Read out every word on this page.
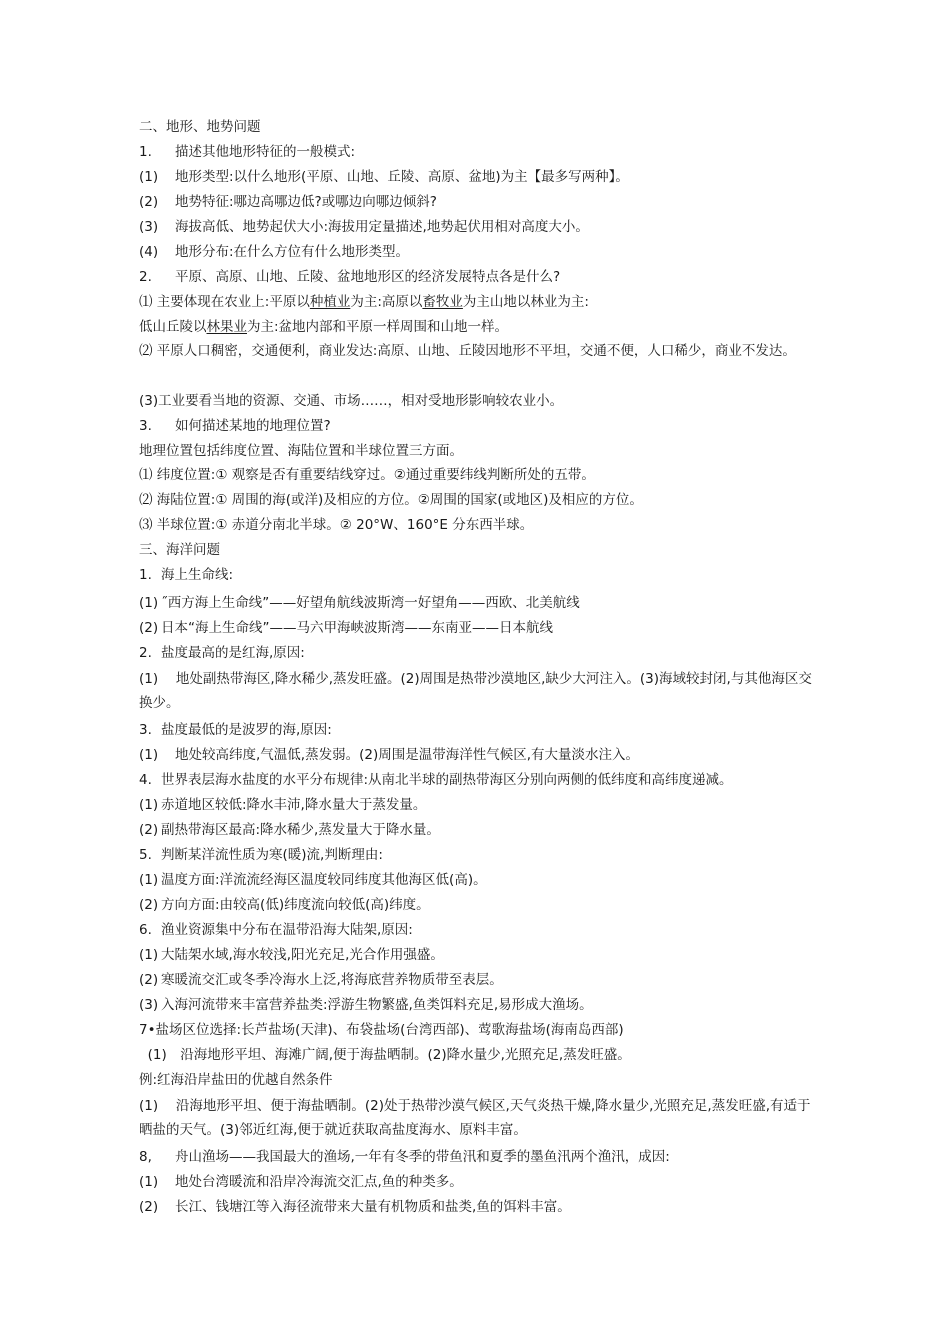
二、地形、地势问题
1. 描述其他地形特征的一般模式:
(1) 地形类型:以什么地形(平原、山地、丘陵、高原、盆地)为主【最多写两种】。
(2) 地势特征:哪边高哪边低?或哪边向哪边倾斜?
(3) 海拔高低、地势起伏大小:海拔用定量描述,地势起伏用相对高度大小。
(4) 地形分布:在什么方位有什么地形类型。
2. 平原、高原、山地、丘陵、盆地地形区的经济发展特点各是什么?
⑴ 主要体现在农业上:平原以种植业为主:高原以畜牧业为主山地以林业为主:
低山丘陵以林果业为主:盆地内部和平原一样周围和山地一样。
⑵ 平原人口稠密，交通便利，商业发达:高原、山地、丘陵因地形不平坦，交通不便，人口稀少，商业不发达。
(3)工业要看当地的资源、交通、市场……，相对受地形影响较农业小。
3. 如何描述某地的地理位置?
地理位置包括纬度位置、海陆位置和半球位置三方面。
⑴ 纬度位置:① 观察是否有重要结线穿过。②通过重要纬线判断所处的五带。
⑵ 海陆位置:① 周围的海(或洋)及相应的方位。②周围的国家(或地区)及相应的方位。
⑶ 半球位置:① 赤道分南北半球。② 20°W、160°E 分东西半球。
三、海洋问题
1. 海上生命线:
(1) ˝西方海上生命线”——好望角航线波斯湾一好望角——西欧、北美航线
(2) 日本“海上生命线”——马六甲海峡波斯湾——东南亚——日本航线
2. 盐度最高的是红海,原因:
(1)　 地处副热带海区,降水稀少,蒸发旺盛。(2)周围是热带沙漠地区,缺少大河注入。(3)海域较封闭,与其他海区交换少。
3. 盐度最低的是波罗的海,原因:
(1) 地处较高纬度,气温低,蒸发弱。(2)周围是温带海洋性气候区,有大量淡水注入。
4. 世界表层海水盐度的水平分布规律:从南北半球的副热带海区分别向两侧的低纬度和高纬度递减。
(1) 赤道地区较低:降水丰沛,降水量大于蒸发量。
(2) 副热带海区最高:降水稀少,蒸发量大于降水量。
5. 判断某洋流性质为寒(暖)流,判断理由:
(1) 温度方面:洋流流经海区温度较同纬度其他海区低(高)。
(2) 方向方面:由较高(低)纬度流向较低(高)纬度。
6. 渔业资源集中分布在温带沿海大陆架,原因:
(1) 大陆架水域,海水较浅,阳光充足,光合作用强盛。
(2) 寒暖流交汇或冬季冷海水上泛,将海底营养物质带至表层。
(3) 入海河流带来丰富营养盐类:浮游生物繁盛,鱼类饵料充足,易形成大渔场。
7•盐场区位选择:长芦盐场(天津)、布袋盐场(台湾西部)、莺歌海盐场(海南岛西部)
(1)　沿海地形平坦、海滩广阔,便于海盐晒制。(2)降水量少,光照充足,蒸发旺盛。
例:红海沿岸盐田的优越自然条件
(1)　 沿海地形平坦、便于海盐晒制。(2)处于热带沙漠气候区,天气炎热干燥,降水量少,光照充足,蒸发旺盛,有适于晒盐的天气。(3)邻近红海,便于就近获取高盐度海水、原料丰富。
8, 舟山渔场——我国最大的渔场,一年有冬季的带鱼汛和夏季的墨鱼汛两个渔汛，成因:
(1) 地处台湾暖流和沿岸冷海流交汇点,鱼的种类多。
(2) 长江、钱塘江等入海径流带来大量有机物质和盐类,鱼的饵料丰富。
